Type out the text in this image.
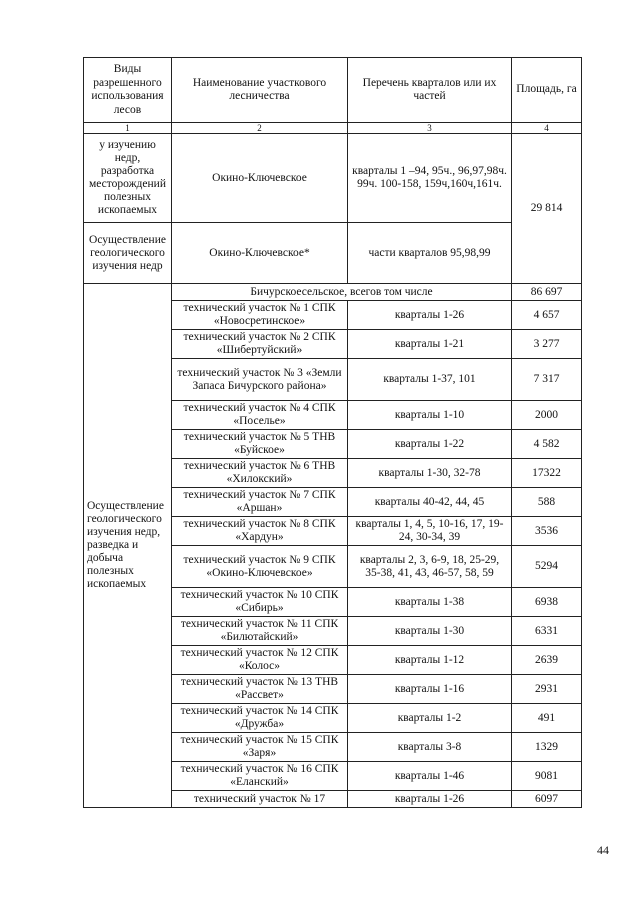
Виды разрешенного использования лесов	Наименование участкового лесничества	Перечень кварталов или их частей	Площадь, га
1	2	3	4
у изучению недр, разработка месторождений полезных ископаемых	Окино-Ключевское	кварталы 1 –94, 95ч., 96,97,98ч. 99ч. 100-158, 159ч,160ч,161ч.	29 814
Осуществление геологического изучения недр	Окино-Ключевское*	части кварталов 95,98,99	
Осуществление геологического изучения недр, разведка и добыча полезных ископаемых	Бичурскоесельское, всегов том числе		86 697
	технический участок № 1 СПК «Новосретинское»	кварталы 1-26	4 657
	технический участок № 2 СПК «Шибертуйский»	кварталы 1-21	3 277
	технический участок № 3 «Земли Запаса Бичурского района»	кварталы 1-37, 101	7 317
	технический участок № 4 СПК «Поселье»	кварталы 1-10	2000
	технический участок № 5 ТНВ «Буйское»	кварталы 1-22	4 582
	технический участок № 6 ТНВ «Хилокский»	кварталы 1-30, 32-78	17322
	технический участок № 7 СПК «Аршан»	кварталы 40-42, 44, 45	588
	технический участок № 8 СПК «Хардун»	кварталы 1, 4, 5, 10-16, 17, 19-24, 30-34, 39	3536
	технический участок № 9 СПК «Окино-Ключевское»	кварталы 2, 3, 6-9, 18, 25-29, 35-38, 41, 43, 46-57, 58, 59	5294
	технический участок № 10 СПК «Сибирь»	кварталы 1-38	6938
	технический участок № 11 СПК «Билютайский»	кварталы 1-30	6331
	технический участок № 12 СПК «Колос»	кварталы 1-12	2639
	технический участок № 13 ТНВ «Рассвет»	кварталы 1-16	2931
	технический участок № 14 СПК «Дружба»	кварталы 1-2	491
	технический участок № 15 СПК «Заря»	кварталы 3-8	1329
	технический участок № 16 СПК «Еланский»	кварталы 1-46	9081
	технический участок № 17	кварталы 1-26	6097
44
